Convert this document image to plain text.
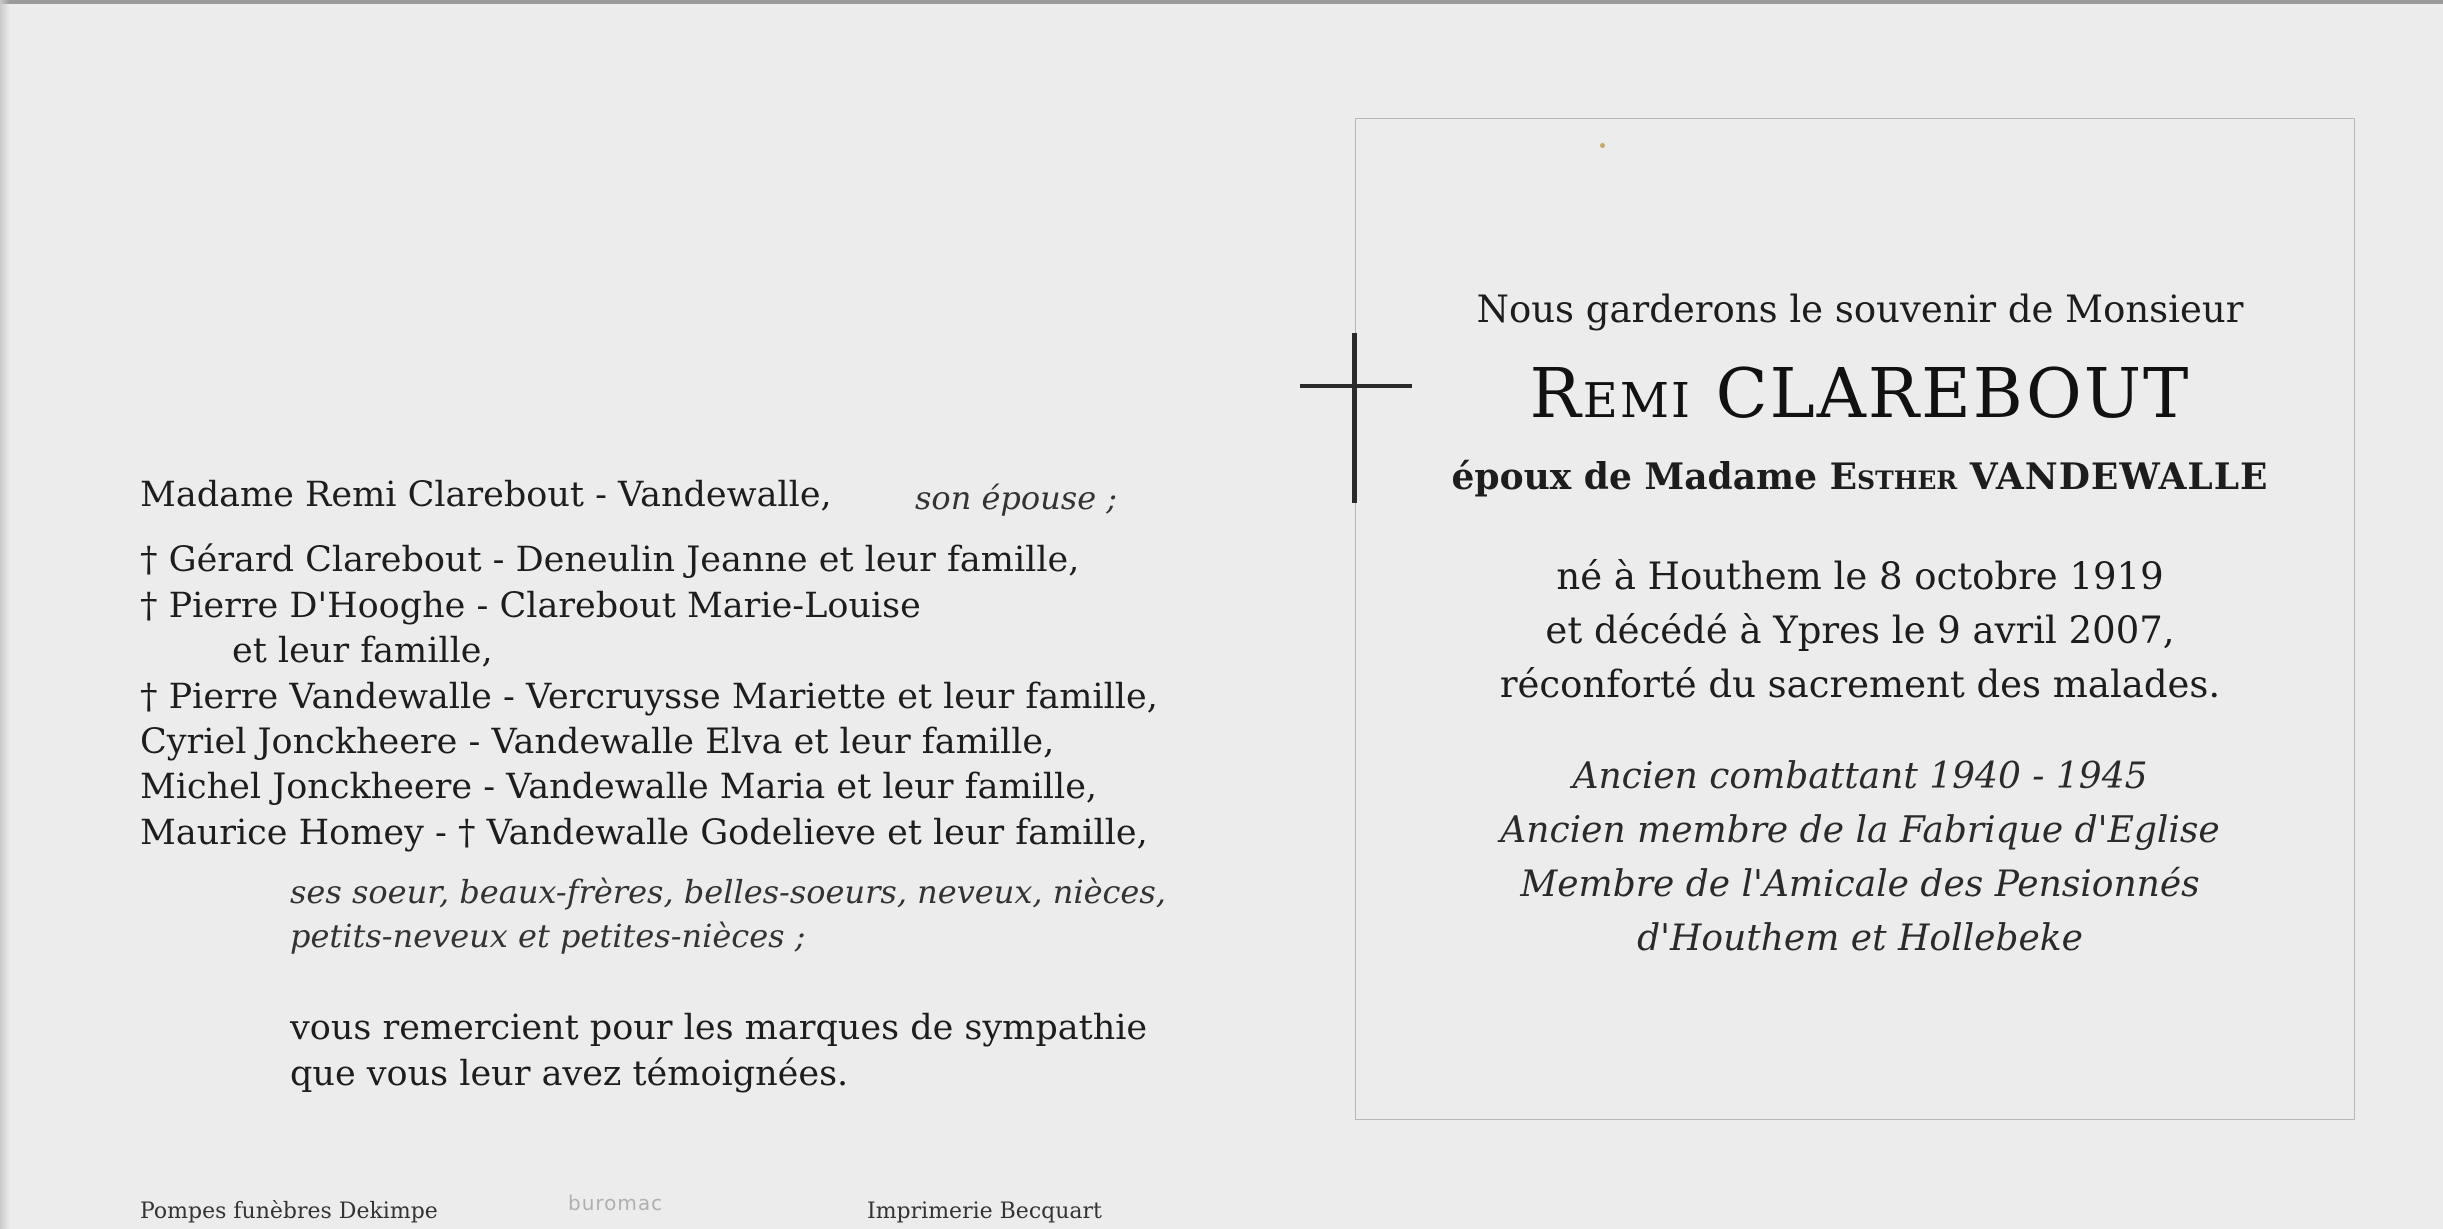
Madame Remi Clarebout - Vandewalle,	son épouse ;
† Gérard Clarebout - Deneulin Jeanne et leur famille,
† Pierre D'Hooghe - Clarebout Marie-Louise
et leur famille,
† Pierre Vandewalle - Vercruysse Mariette et leur famille,
Cyriel Jonckheere - Vandewalle Elva et leur famille,
Michel Jonckheere - Vandewalle Maria et leur famille,
Maurice Homey - † Vandewalle Godelieve et leur famille,
ses soeur, beaux-frères, belles-soeurs, neveux, nièces,
petits-neveux et petites-nièces ;
vous remercient pour les marques de sympathie
que vous leur avez témoignées.
Pompes funèbres Dekimpe	buromac	Imprimerie Becquart
Nous garderons le souvenir de Monsieur
Remi CLAREBOUT
époux de Madame Esther VANDEWALLE
né à Houthem le 8 octobre 1919
et décédé à Ypres le 9 avril 2007,
réconforté du sacrement des malades.
Ancien combattant 1940 - 1945
Ancien membre de la Fabrique d'Eglise
Membre de l'Amicale des Pensionnés
d'Houthem et Hollebeke
